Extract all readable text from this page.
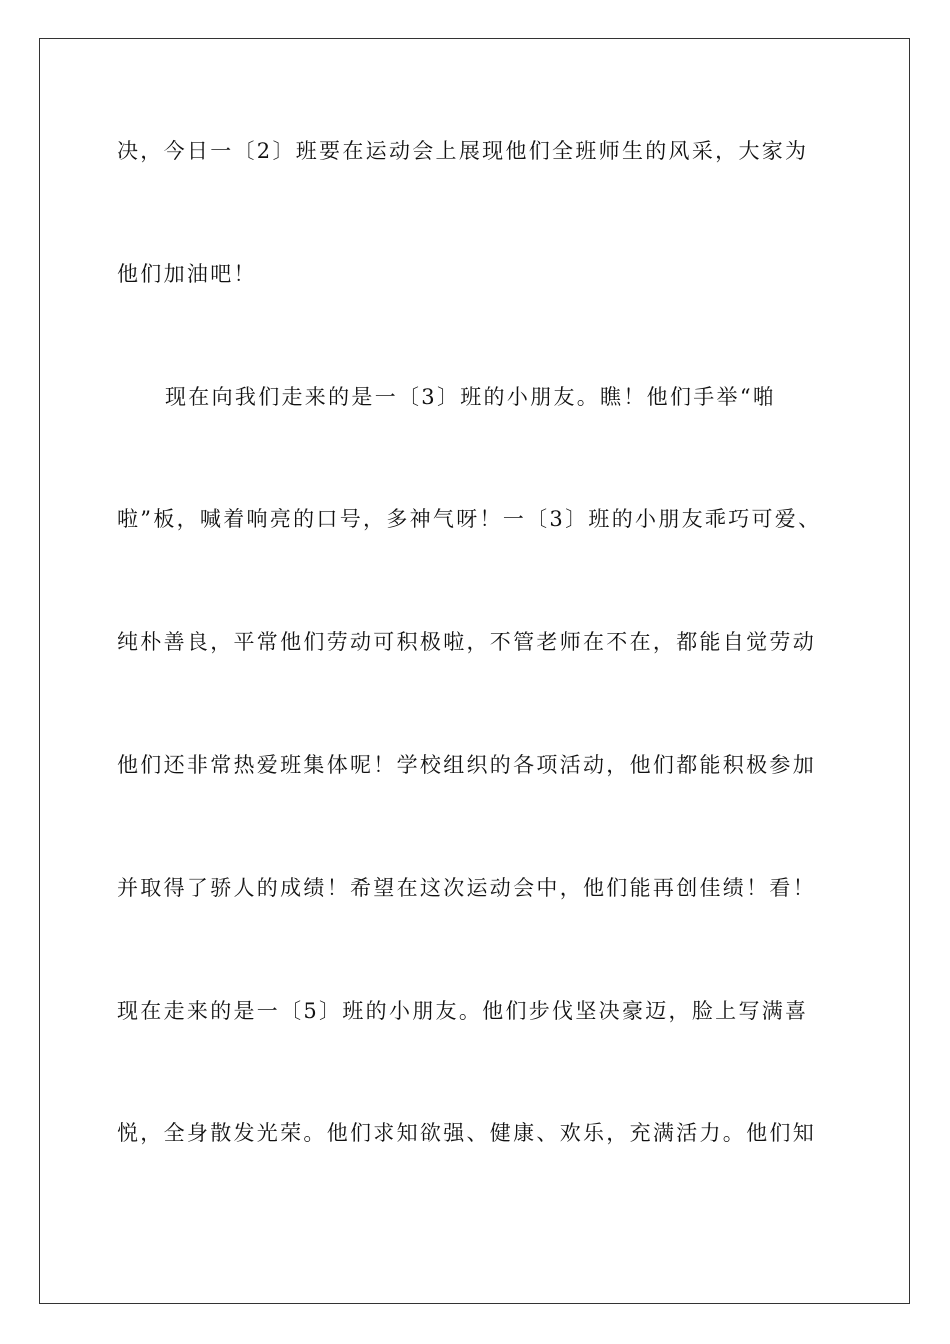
决，今日一〔2〕班要在运动会上展现他们全班师生的风采，大家为

他们加油吧！

现在向我们走来的是一〔3〕班的小朋友。瞧！他们手举“啪

啦”板，喊着响亮的口号，多神气呀！一〔3〕班的小朋友乖巧可爱、

纯朴善良，平常他们劳动可积极啦，不管老师在不在，都能自觉劳动

他们还非常热爱班集体呢！学校组织的各项活动，他们都能积极参加

并取得了骄人的成绩！希望在这次运动会中，他们能再创佳绩！看！

现在走来的是一〔5〕班的小朋友。他们步伐坚决豪迈，脸上写满喜

悦，全身散发光荣。他们求知欲强、健康、欢乐，充满活力。他们知
